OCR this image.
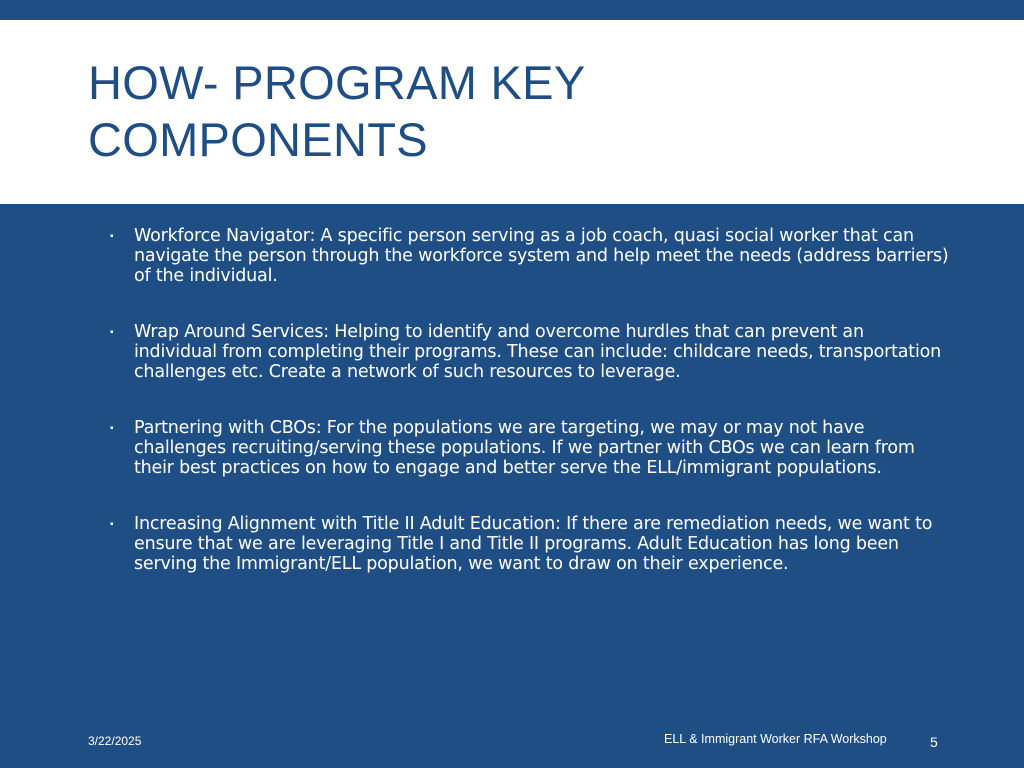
HOW- PROGRAM KEY COMPONENTS
▪	Workforce Navigator: A specific person serving as a job coach, quasi social worker that can navigate the person through the workforce system and help meet the needs (address barriers) of the individual.
▪	Wrap Around Services: Helping to identify and overcome hurdles that can prevent an individual from completing their programs. These can include: childcare needs, transportation challenges etc. Create a network of such resources to leverage.
▪	Partnering with CBOs: For the populations we are targeting, we may or may not have challenges recruiting/serving these populations. If we partner with CBOs we can learn from their best practices on how to engage and better serve the ELL/immigrant populations.
▪	Increasing Alignment with Title II Adult Education: If there are remediation needs, we want to ensure that we are leveraging Title I and Title II programs. Adult Education has long been serving the Immigrant/ELL population, we want to draw on their experience.
3/22/2025	ELL & Immigrant Worker RFA Workshop	5
